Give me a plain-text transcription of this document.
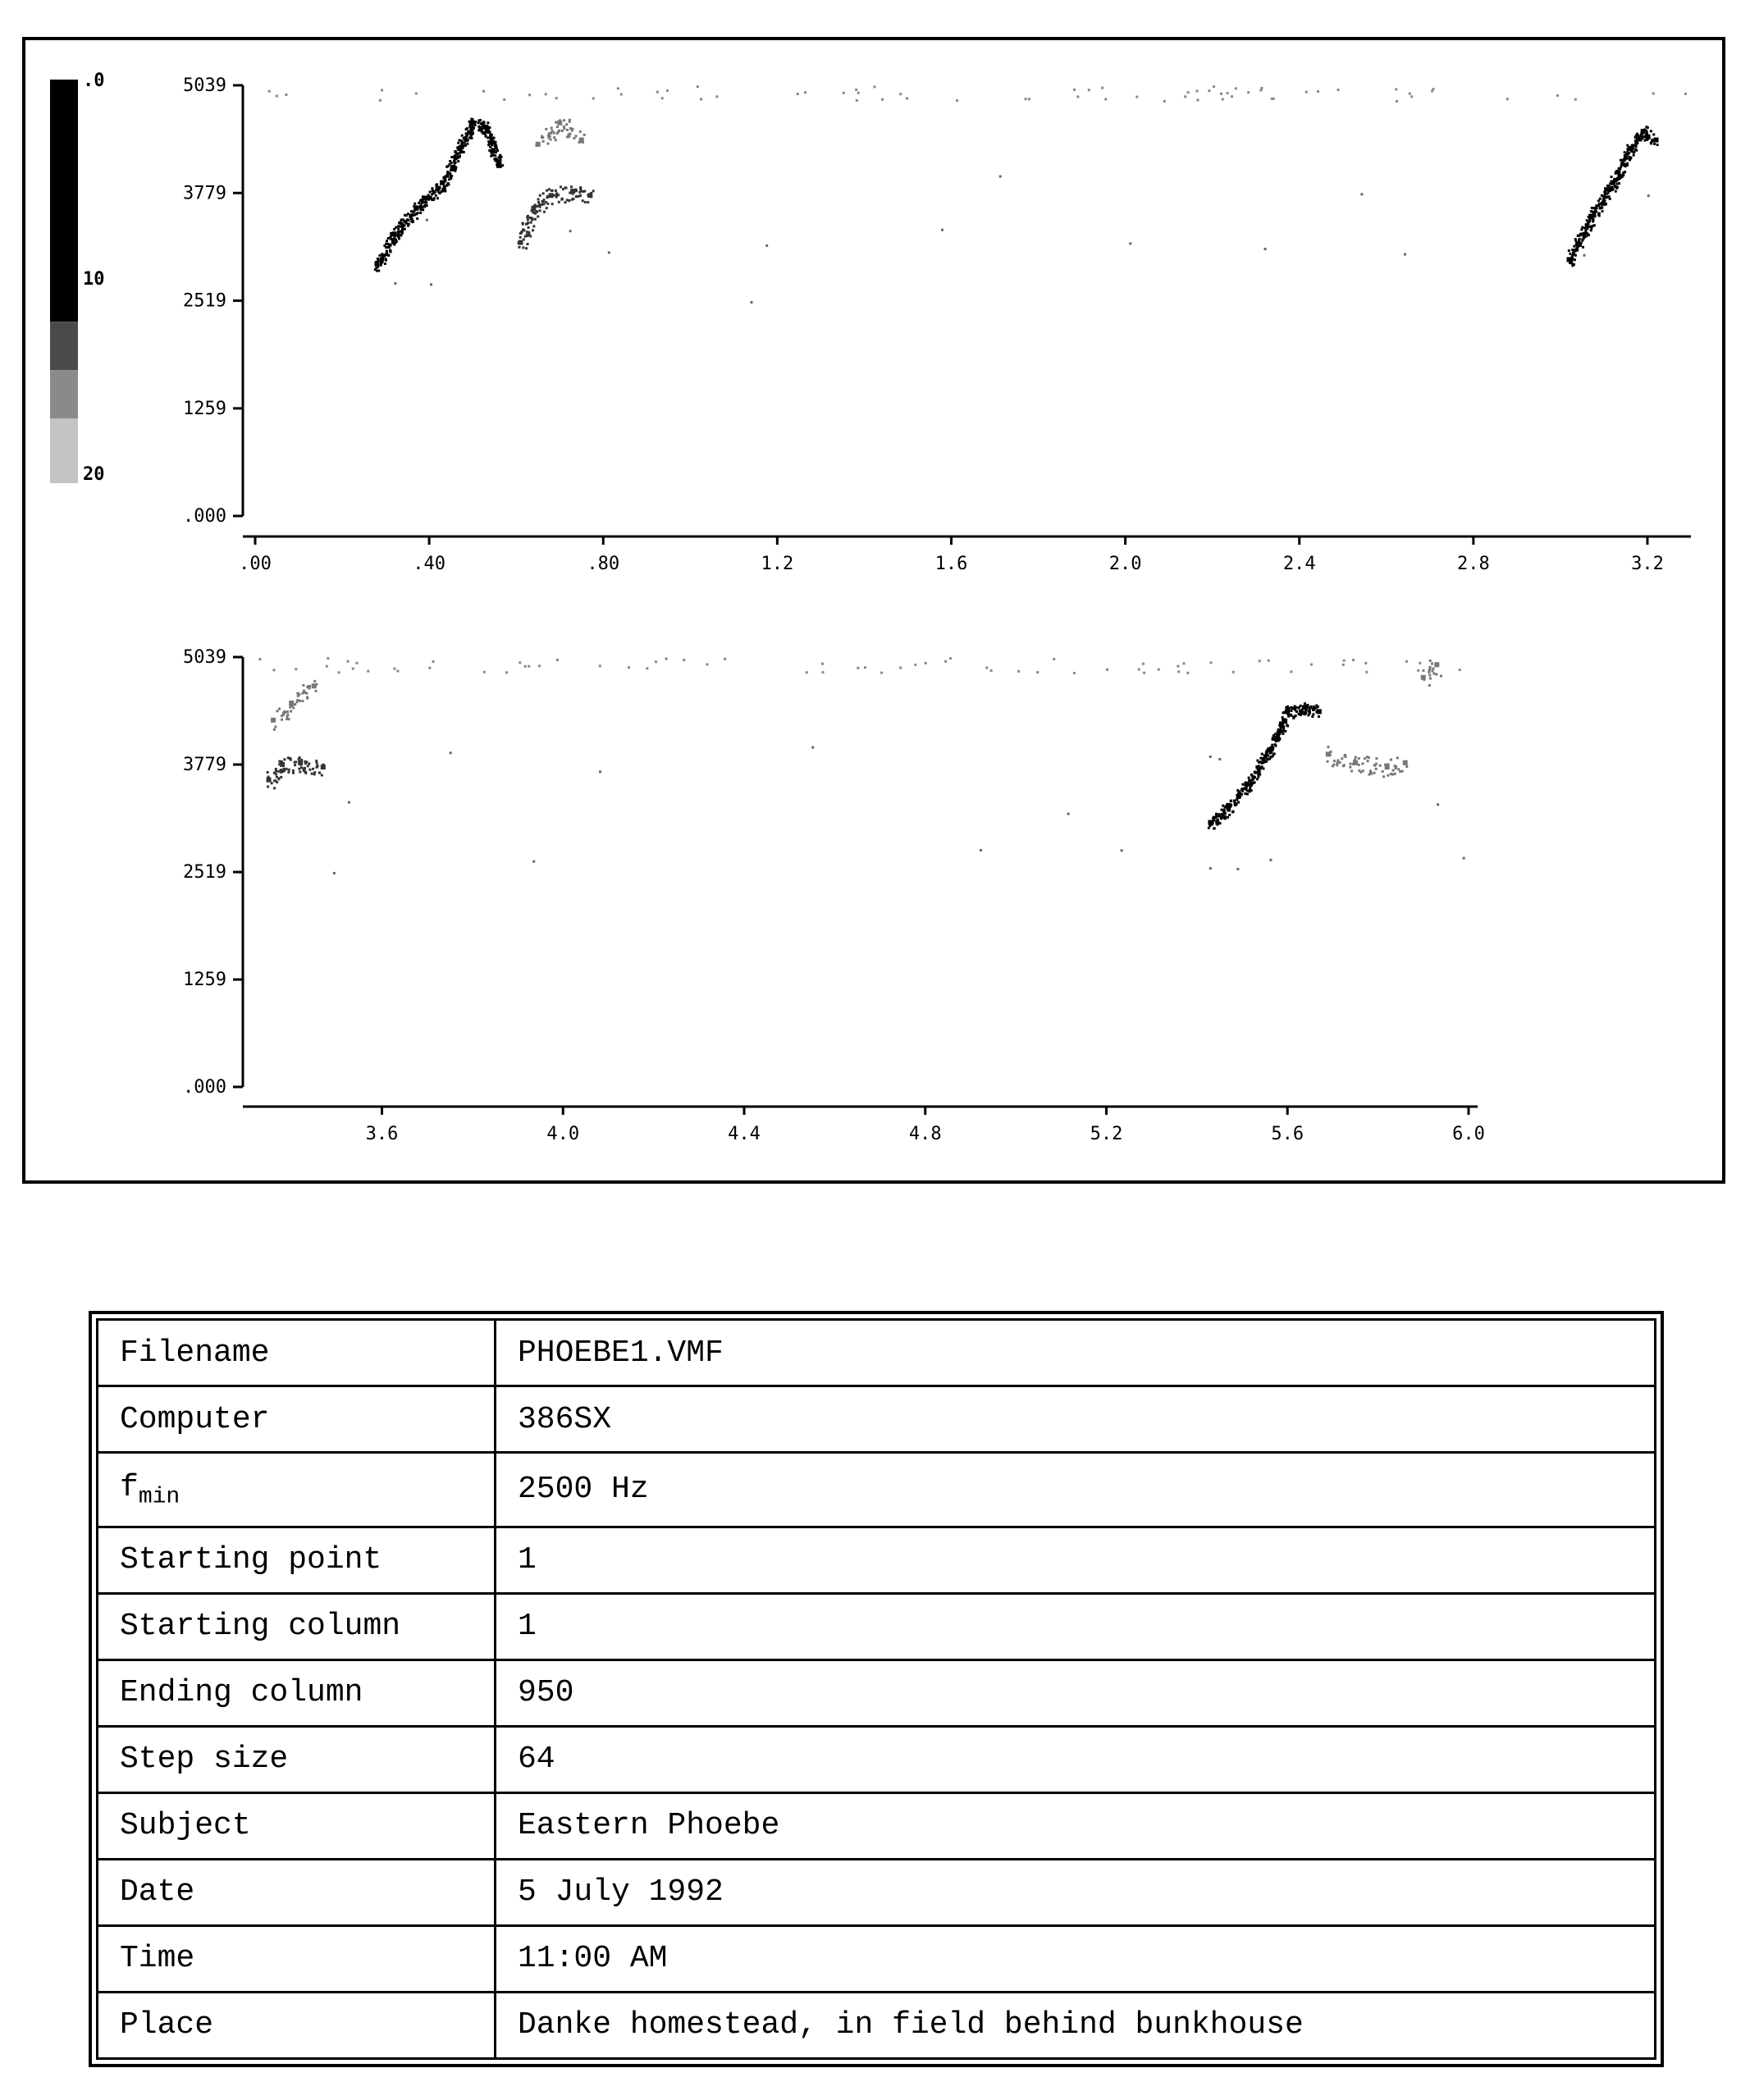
.0
10
20
.000
1259
2519
3779
5039
.00	.40	.80	1.2	1.6	2.0	2.4	2.8	3.2
.000
1259
2519
3779
5039
3.6	4.0	4.4	4.8	5.2	5.6	6.0
Filename	PHOEBE1.VMF
Computer	386SX
$f_{min}$	2500 Hz
Starting point	1
Starting column	1
Ending column	950
Step size	64
Subject	Eastern Phoebe
Date	5 July 1992
Time	11:00 AM
Place	Danke homestead, in field behind bunkhouse
